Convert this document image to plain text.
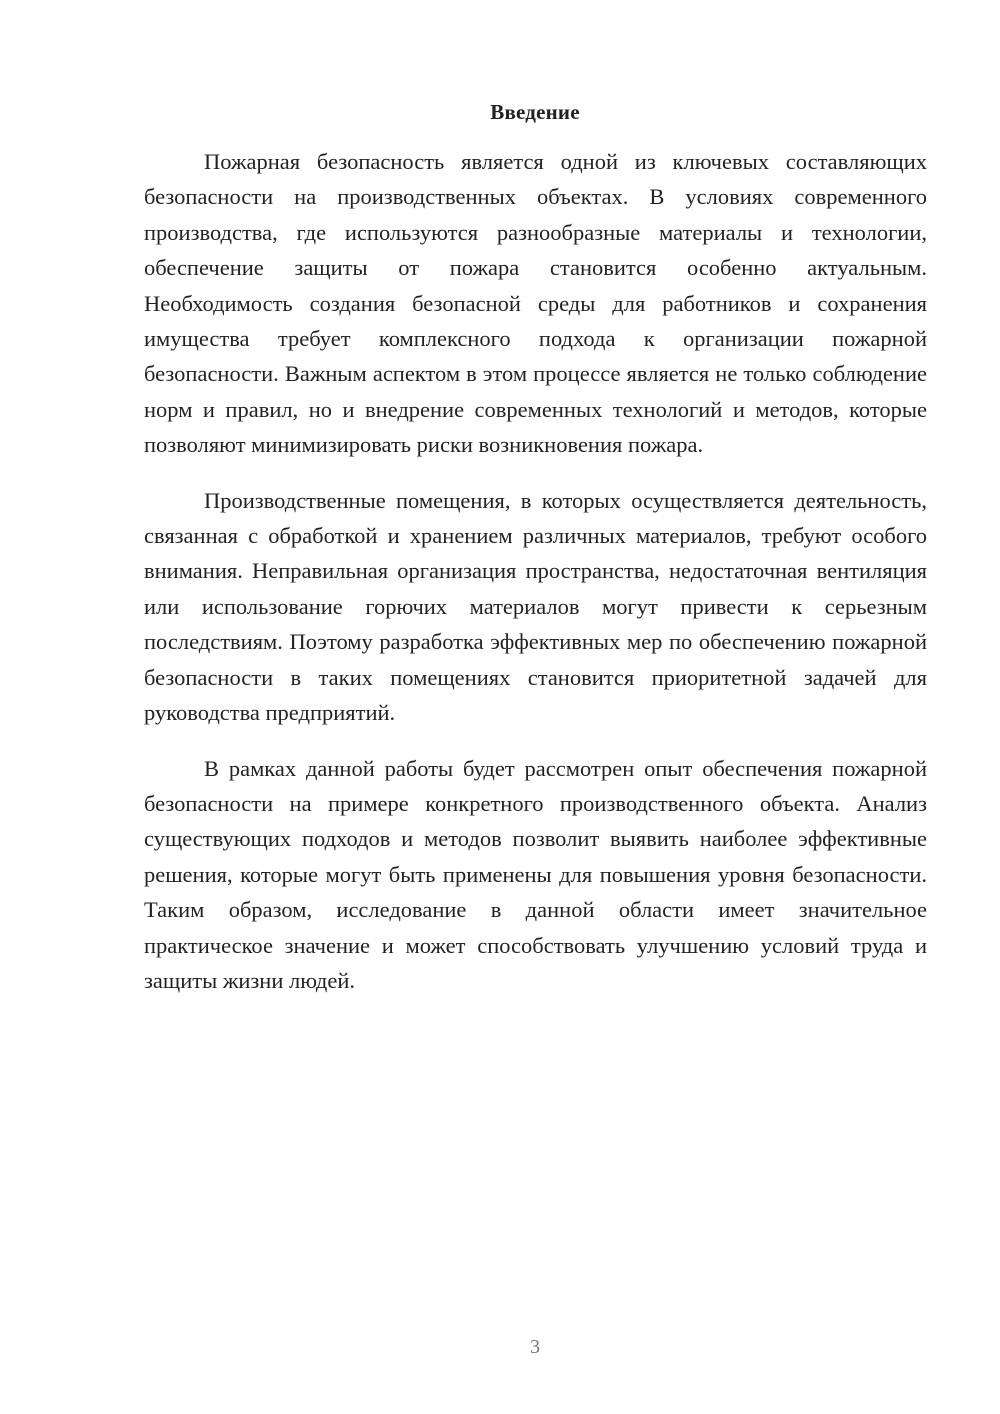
Введение

Пожарная безопасность является одной из ключевых составляющих безопасности на производственных объектах. В условиях современного производства, где используются разнообразные материалы и технологии, обеспечение защиты от пожара становится особенно актуальным. Необходимость создания безопасной среды для работников и сохранения имущества требует комплексного подхода к организации пожарной безопасности. Важным аспектом в этом процессе является не только соблюдение норм и правил, но и внедрение современных технологий и методов, которые позволяют минимизировать риски возникновения пожара.

Производственные помещения, в которых осуществляется деятельность, связанная с обработкой и хранением различных материалов, требуют особого внимания. Неправильная организация пространства, недостаточная вентиляция или использование горючих материалов могут привести к серьезным последствиям. Поэтому разработка эффективных мер по обеспечению пожарной безопасности в таких помещениях становится приоритетной задачей для руководства предприятий.

В рамках данной работы будет рассмотрен опыт обеспечения пожарной безопасности на примере конкретного производственного объекта. Анализ существующих подходов и методов позволит выявить наиболее эффективные решения, которые могут быть применены для повышения уровня безопасности. Таким образом, исследование в данной области имеет значительное практическое значение и может способствовать улучшению условий труда и защиты жизни людей.

3
